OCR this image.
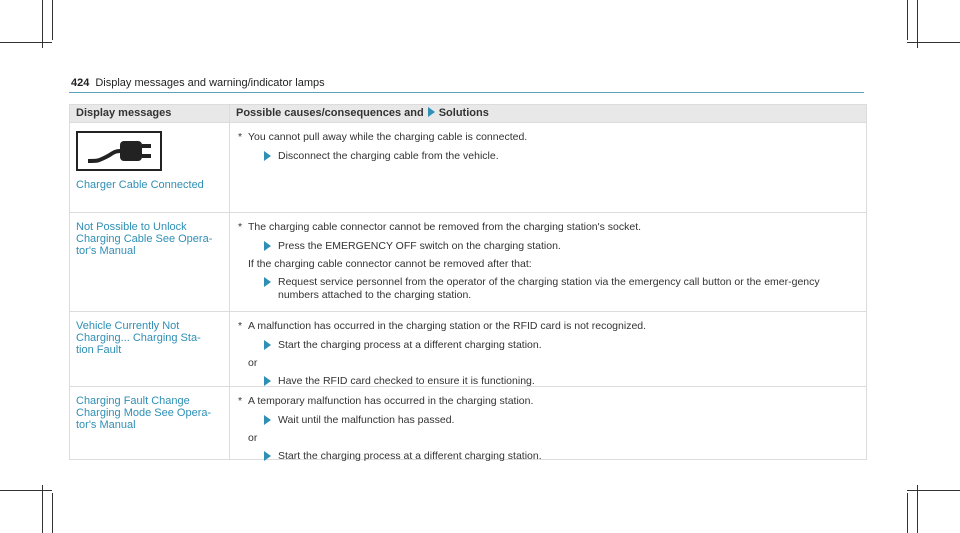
424 Display messages and warning/indicator lamps
Display messages	Possible causes/consequences and Solutions
Charger Cable Connected
* You cannot pull away while the charging cable is connected.
Disconnect the charging cable from the vehicle.
Not Possible to Unlock
Charging Cable See Opera-
tor's Manual
* The charging cable connector cannot be removed from the charging station's socket.
Press the EMERGENCY OFF switch on the charging station.
If the charging cable connector cannot be removed after that:
Request service personnel from the operator of the charging station via the emergency call button or the emer-gency numbers attached to the charging station.
Vehicle Currently Not
Charging... Charging Sta-
tion Fault
* A malfunction has occurred in the charging station or the RFID card is not recognized.
Start the charging process at a different charging station.
or
Have the RFID card checked to ensure it is functioning.
Charging Fault Change
Charging Mode See Opera-
tor's Manual
* A temporary malfunction has occurred in the charging station.
Wait until the malfunction has passed.
or
Start the charging process at a different charging station.
